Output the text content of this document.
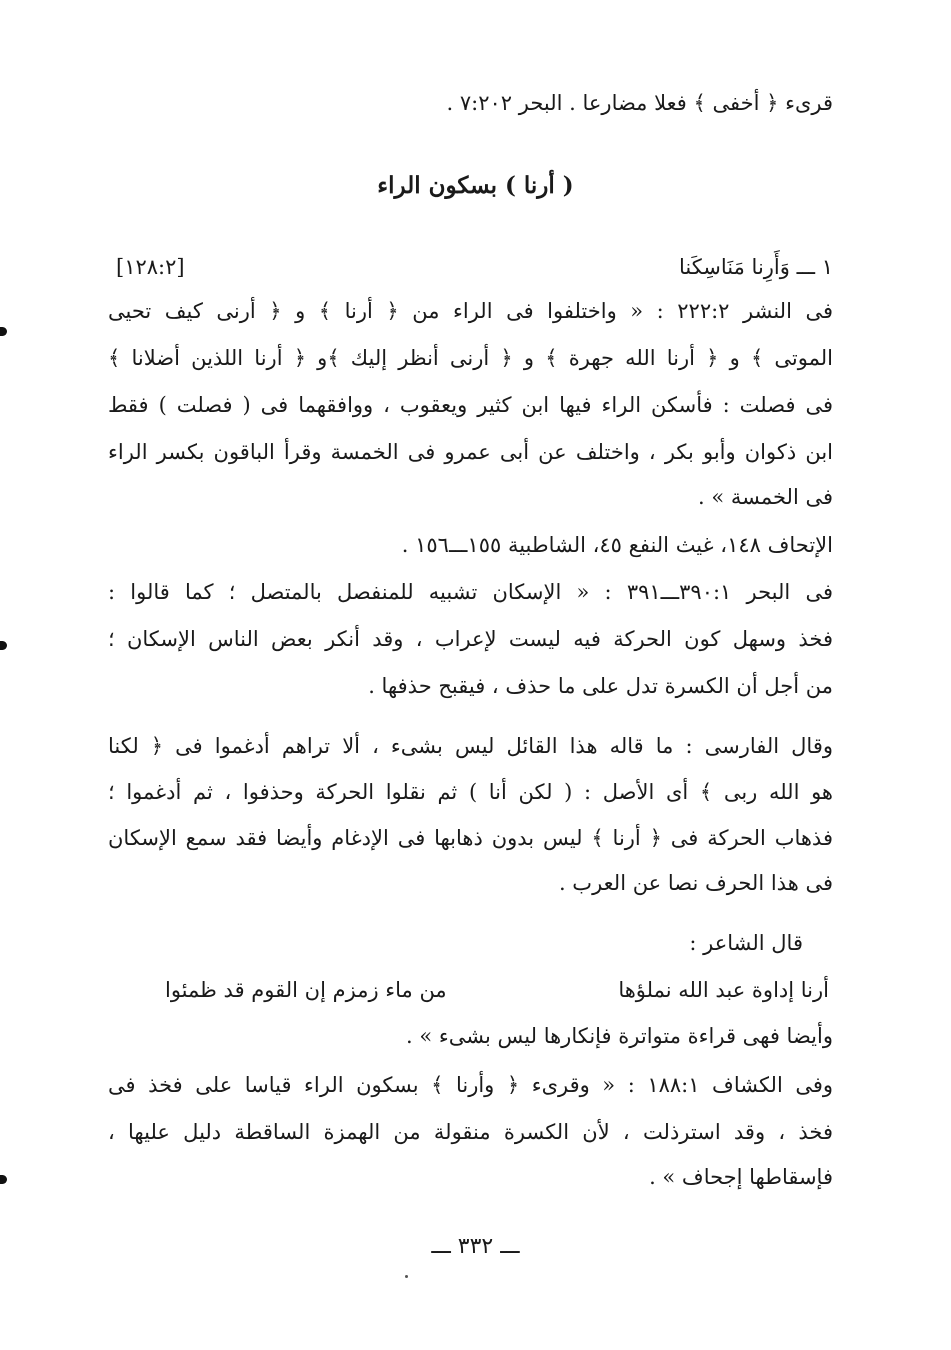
قرىء ﴿ أخفى ﴾ فعلا مضارعا . البحر ٧:٢٠٢ .
( أرنا ) بسكون الراء
١ ـــ وَأَرِنا مَنَاسِكَنا
[١٢٨:٢]
فى النشر ٢٢٢:٢ : « واختلفوا فى الراء من ﴿ أرنا ﴾ و ﴿ أرنى كيف تحيى
الموتى ﴾ و ﴿ أرنا الله جهرة ﴾ و ﴿ أرنى أنظر إليك ﴾و ﴿ أرنا اللذين أضلانا ﴾
فى فصلت : فأسكن الراء فيها ابن كثير ويعقوب ، ووافقهما فى ( فصلت ) فقط
ابن ذكوان وأبو بكر ، واختلف عن أبى عمرو فى الخمسة وقرأ الباقون بكسر الراء
فى الخمسة » .
الإتحاف ١٤٨، غيث النفع ٤٥، الشاطبية ١٥٥ـــ١٥٦ .
فى البحر ٣٩٠:١ـــ٣٩١ : « الإسكان تشبيه للمنفصل بالمتصل ؛ كما قالوا :
فخذ وسهل كون الحركة فيه ليست لإعراب ، وقد أنكر بعض الناس الإسكان ؛
من أجل أن الكسرة تدل على ما حذف ، فيقبح حذفها .
وقال الفارسى : ما قاله هذا القائل ليس بشىء ، ألا تراهم أدغموا فى ﴿ لكنا
هو الله ربى ﴾ أى الأصل : ( لكن أنا ) ثم نقلوا الحركة وحذفوا ، ثم أدغموا ؛
فذهاب الحركة فى ﴿ أرنا ﴾ ليس بدون ذهابها فى الإدغام وأيضا فقد سمع الإسكان
فى هذا الحرف نصا عن العرب .
قال الشاعر :
أرنا إداوة عبد الله نملؤها
من ماء زمزم إن القوم قد ظمئوا
وأيضا فهى قراءة متواترة فإنكارها ليس بشىء » .
وفى الكشاف ١٨٨:١ : « وقرىء ﴿ وأرنا ﴾ بسكون الراء قياسا على فخذ فى
فخذ ، وقد استرذلت ، لأن الكسرة منقولة من الهمزة الساقطة دليل عليها ،
فإسقاطها إجحاف » .
ـــ ٣٣٢ ـــ
